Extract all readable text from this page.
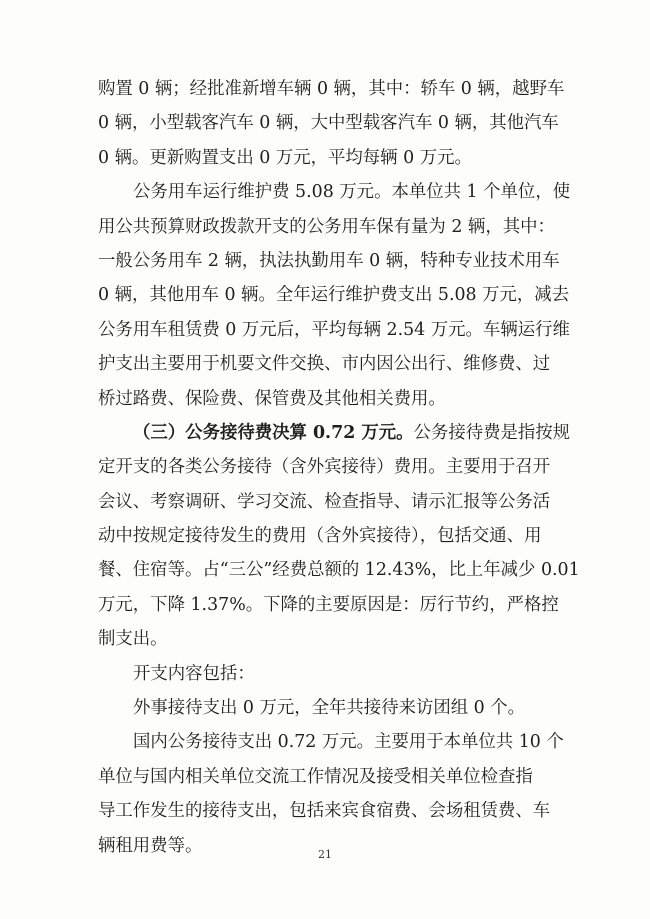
购置 0 辆；经批准新增车辆 0 辆，其中：轿车 0 辆，越野车
0 辆，小型载客汽车 0 辆，大中型载客汽车 0 辆，其他汽车
0 辆。更新购置支出 0 万元，平均每辆 0 万元。
公务用车运行维护费 5.08 万元。本单位共 1 个单位，使
用公共预算财政拨款开支的公务用车保有量为 2 辆，其中：
一般公务用车 2 辆，执法执勤用车 0 辆，特种专业技术用车
0 辆，其他用车 0 辆。全年运行维护费支出 5.08 万元，减去
公务用车租赁费 0 万元后，平均每辆 2.54 万元。车辆运行维
护支出主要用于机要文件交换、市内因公出行、维修费、过
桥过路费、保险费、保管费及其他相关费用。
（三）公务接待费决算 0.72 万元。公务接待费是指按规
定开支的各类公务接待（含外宾接待）费用。主要用于召开
会议、考察调研、学习交流、检查指导、请示汇报等公务活
动中按规定接待发生的费用（含外宾接待），包括交通、用
餐、住宿等。占“三公”经费总额的 12.43%，比上年减少 0.01
万元，下降 1.37%。下降的主要原因是：厉行节约，严格控
制支出。
开支内容包括：
外事接待支出 0 万元，全年共接待来访团组 0 个。
国内公务接待支出 0.72 万元。主要用于本单位共 10 个
单位与国内相关单位交流工作情况及接受相关单位检查指
导工作发生的接待支出，包括来宾食宿费、会场租赁费、车
辆租用费等。	21
